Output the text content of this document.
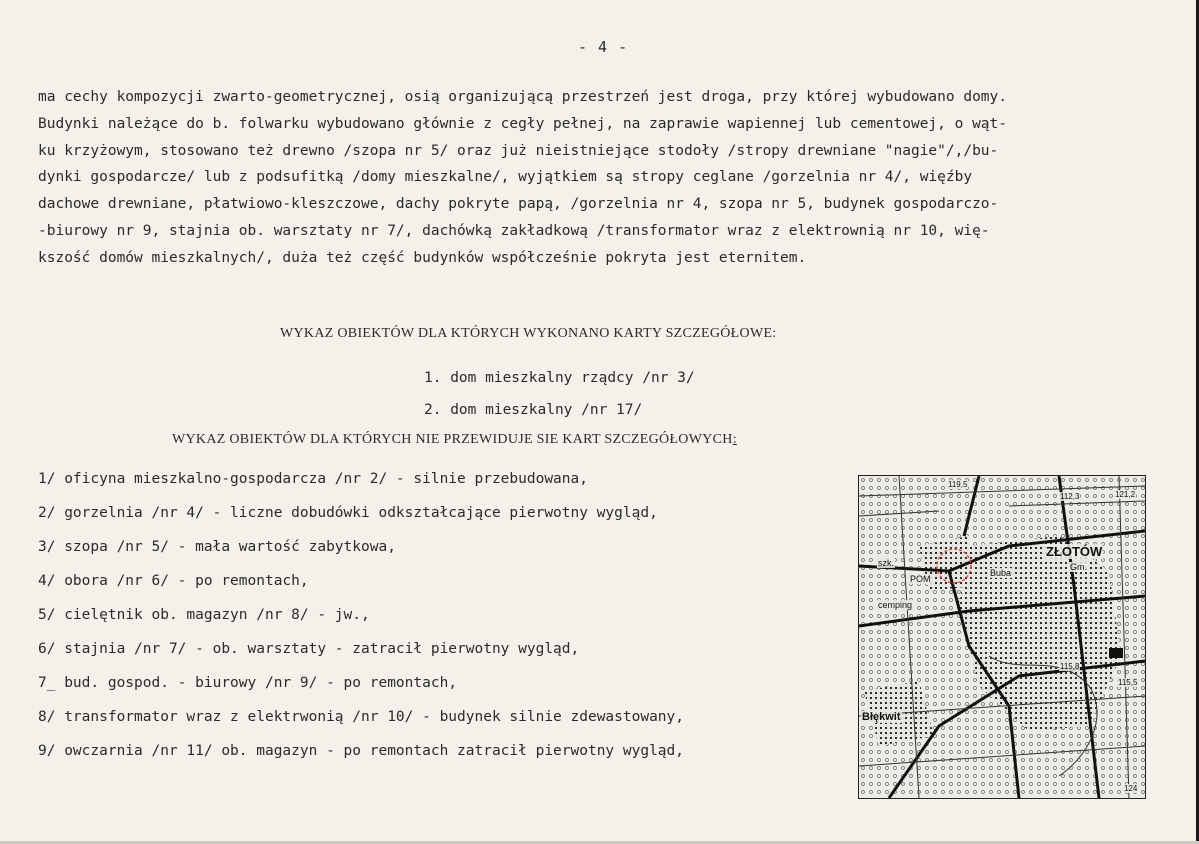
- 4 -
ma cechy kompozycji zwarto-geometrycznej, osią organizującą przestrzeń jest droga, przy której wybudowano domy.
Budynki należące do b. folwarku wybudowano głównie z cegły pełnej, na zaprawie wapiennej lub cementowej, o wąt-
ku krzyżowym, stosowano też drewno /szopa nr 5/ oraz już nieistniejące stodoły /stropy drewniane "nagie"/,/bu-
dynki gospodarcze/ lub z podsufitką /domy mieszkalne/, wyjątkiem są stropy ceglane /gorzelnia nr 4/, więźby
dachowe drewniane, płatwiowo-kleszczowe, dachy pokryte papą, /gorzelnia nr 4, szopa nr 5, budynek gospodarczo-
-biurowy nr 9, stajnia ob. warsztaty nr 7/, dachówką zakładkową /transformator wraz z elektrownią nr 10, wię-
kszość domów mieszkalnych/, duża też część budynków współcześnie pokryta jest eternitem.
WYKAZ OBIEKTÓW DLA KTÓRYCH WYKONANO KARTY SZCZEGÓŁOWE:
1. dom mieszkalny rządcy /nr 3/
2. dom mieszkalny /nr 17/
WYKAZ OBIEKTÓW DLA KTÓRYCH NIE PRZEWIDUJE SIE KART SZCZEGÓŁOWYCH:
1/ oficyna mieszkalno-gospodarcza /nr 2/ - silnie przebudowana,
2/ gorzelnia /nr 4/ - liczne dobudówki odkształcające pierwotny wygląd,
3/ szopa /nr 5/ - mała wartość zabytkowa,
4/ obora /nr 6/ - po remontach,
5/ cielętnik ob. magazyn /nr 8/ - jw.,
6/ stajnia /nr 7/ - ob. warsztaty - zatracił pierwotny wygląd,
7_ bud. gospod. - biurowy /nr 9/ - po remontach,
8/ transformator wraz z elektrwonią /nr 10/ - budynek silnie zdewastowany,
9/ owczarnia /nr 11/ ob. magazyn - po remontach zatracił pierwotny wygląd,
ZŁOTÓW
Błękwit
Gm.
Buba
POM
szk.
cemping
119,5
121,2
112,3
115,5
115,8
124
